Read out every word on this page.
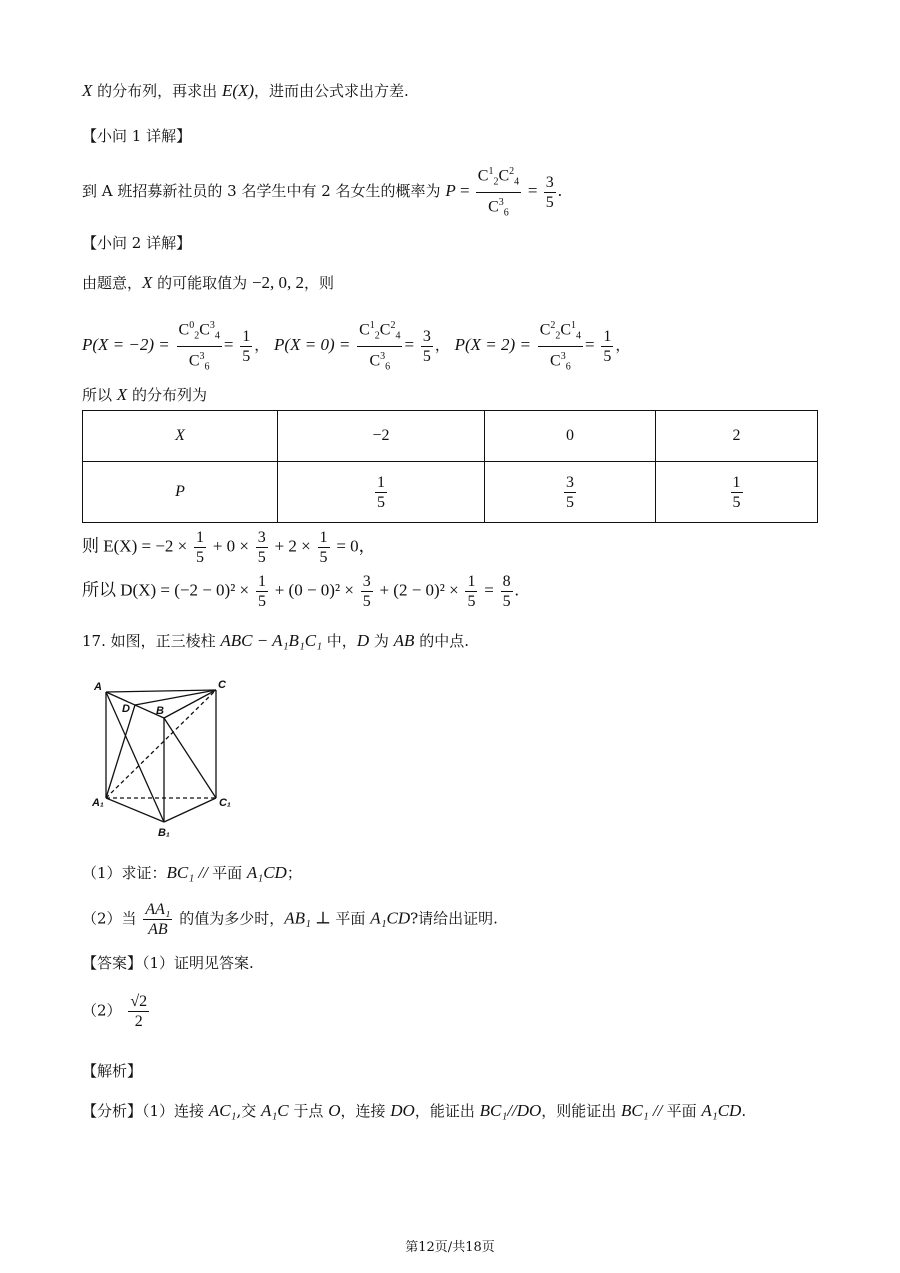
X 的分布列，再求出 E(X)，进而由公式求出方差.
【小问 1 详解】
到 A 班招募新社员的 3 名学生中有 2 名女生的概率为 $P = \frac{C^1_2C^2_4}{C^3_6} = \frac{3}{5}$ .
【小问 2 详解】
由题意，X 的可能取值为 −2, 0, 2，则
$P(X = -2) = \frac{C^0_2C^3_4}{C^3_6} = \frac{1}{5}$ ， $P(X = 0) = \frac{C^1_2C^2_4}{C^3_6} = \frac{3}{5}$ ， $P(X = 2) = \frac{C^2_2C^1_4}{C^3_6} = \frac{1}{5}$ ，
所以 X 的分布列为
X	−2	0	2
P	$\frac{1}{5}$	$\frac{3}{5}$	$\frac{1}{5}$
则 $E(X) = -2 \times \frac{1}{5} + 0 \times \frac{3}{5} + 2 \times \frac{1}{5} = 0$，
所以 $D(X) = (-2 - 0)^2 \times \frac{1}{5} + (0 - 0)^2 \times \frac{3}{5} + (2 - 0)^2 \times \frac{1}{5} = \frac{8}{5}$ .
17. 如图，正三棱柱 ABC − A₁B₁C₁ 中，D 为 AB 的中点.
A	C
D B
A₁	C₁
B₁
（1）求证：BC₁ // 平面 A₁CD；
（2）当 $\frac{\text{AA₁}}{AB}$ 的值为多少时，AB₁ ⊥ 平面 A₁CD?请给出证明.
【答案】（1）证明见答案.
$(2) \frac{√2}{2}$
【解析】
【分析】（1）连接 AC₁,交 A₁C 于点 O，连接 DO，能证出 BC₁//DO，则能证出 BC₁ // 平面 A₁CD.
第12页/共18页
